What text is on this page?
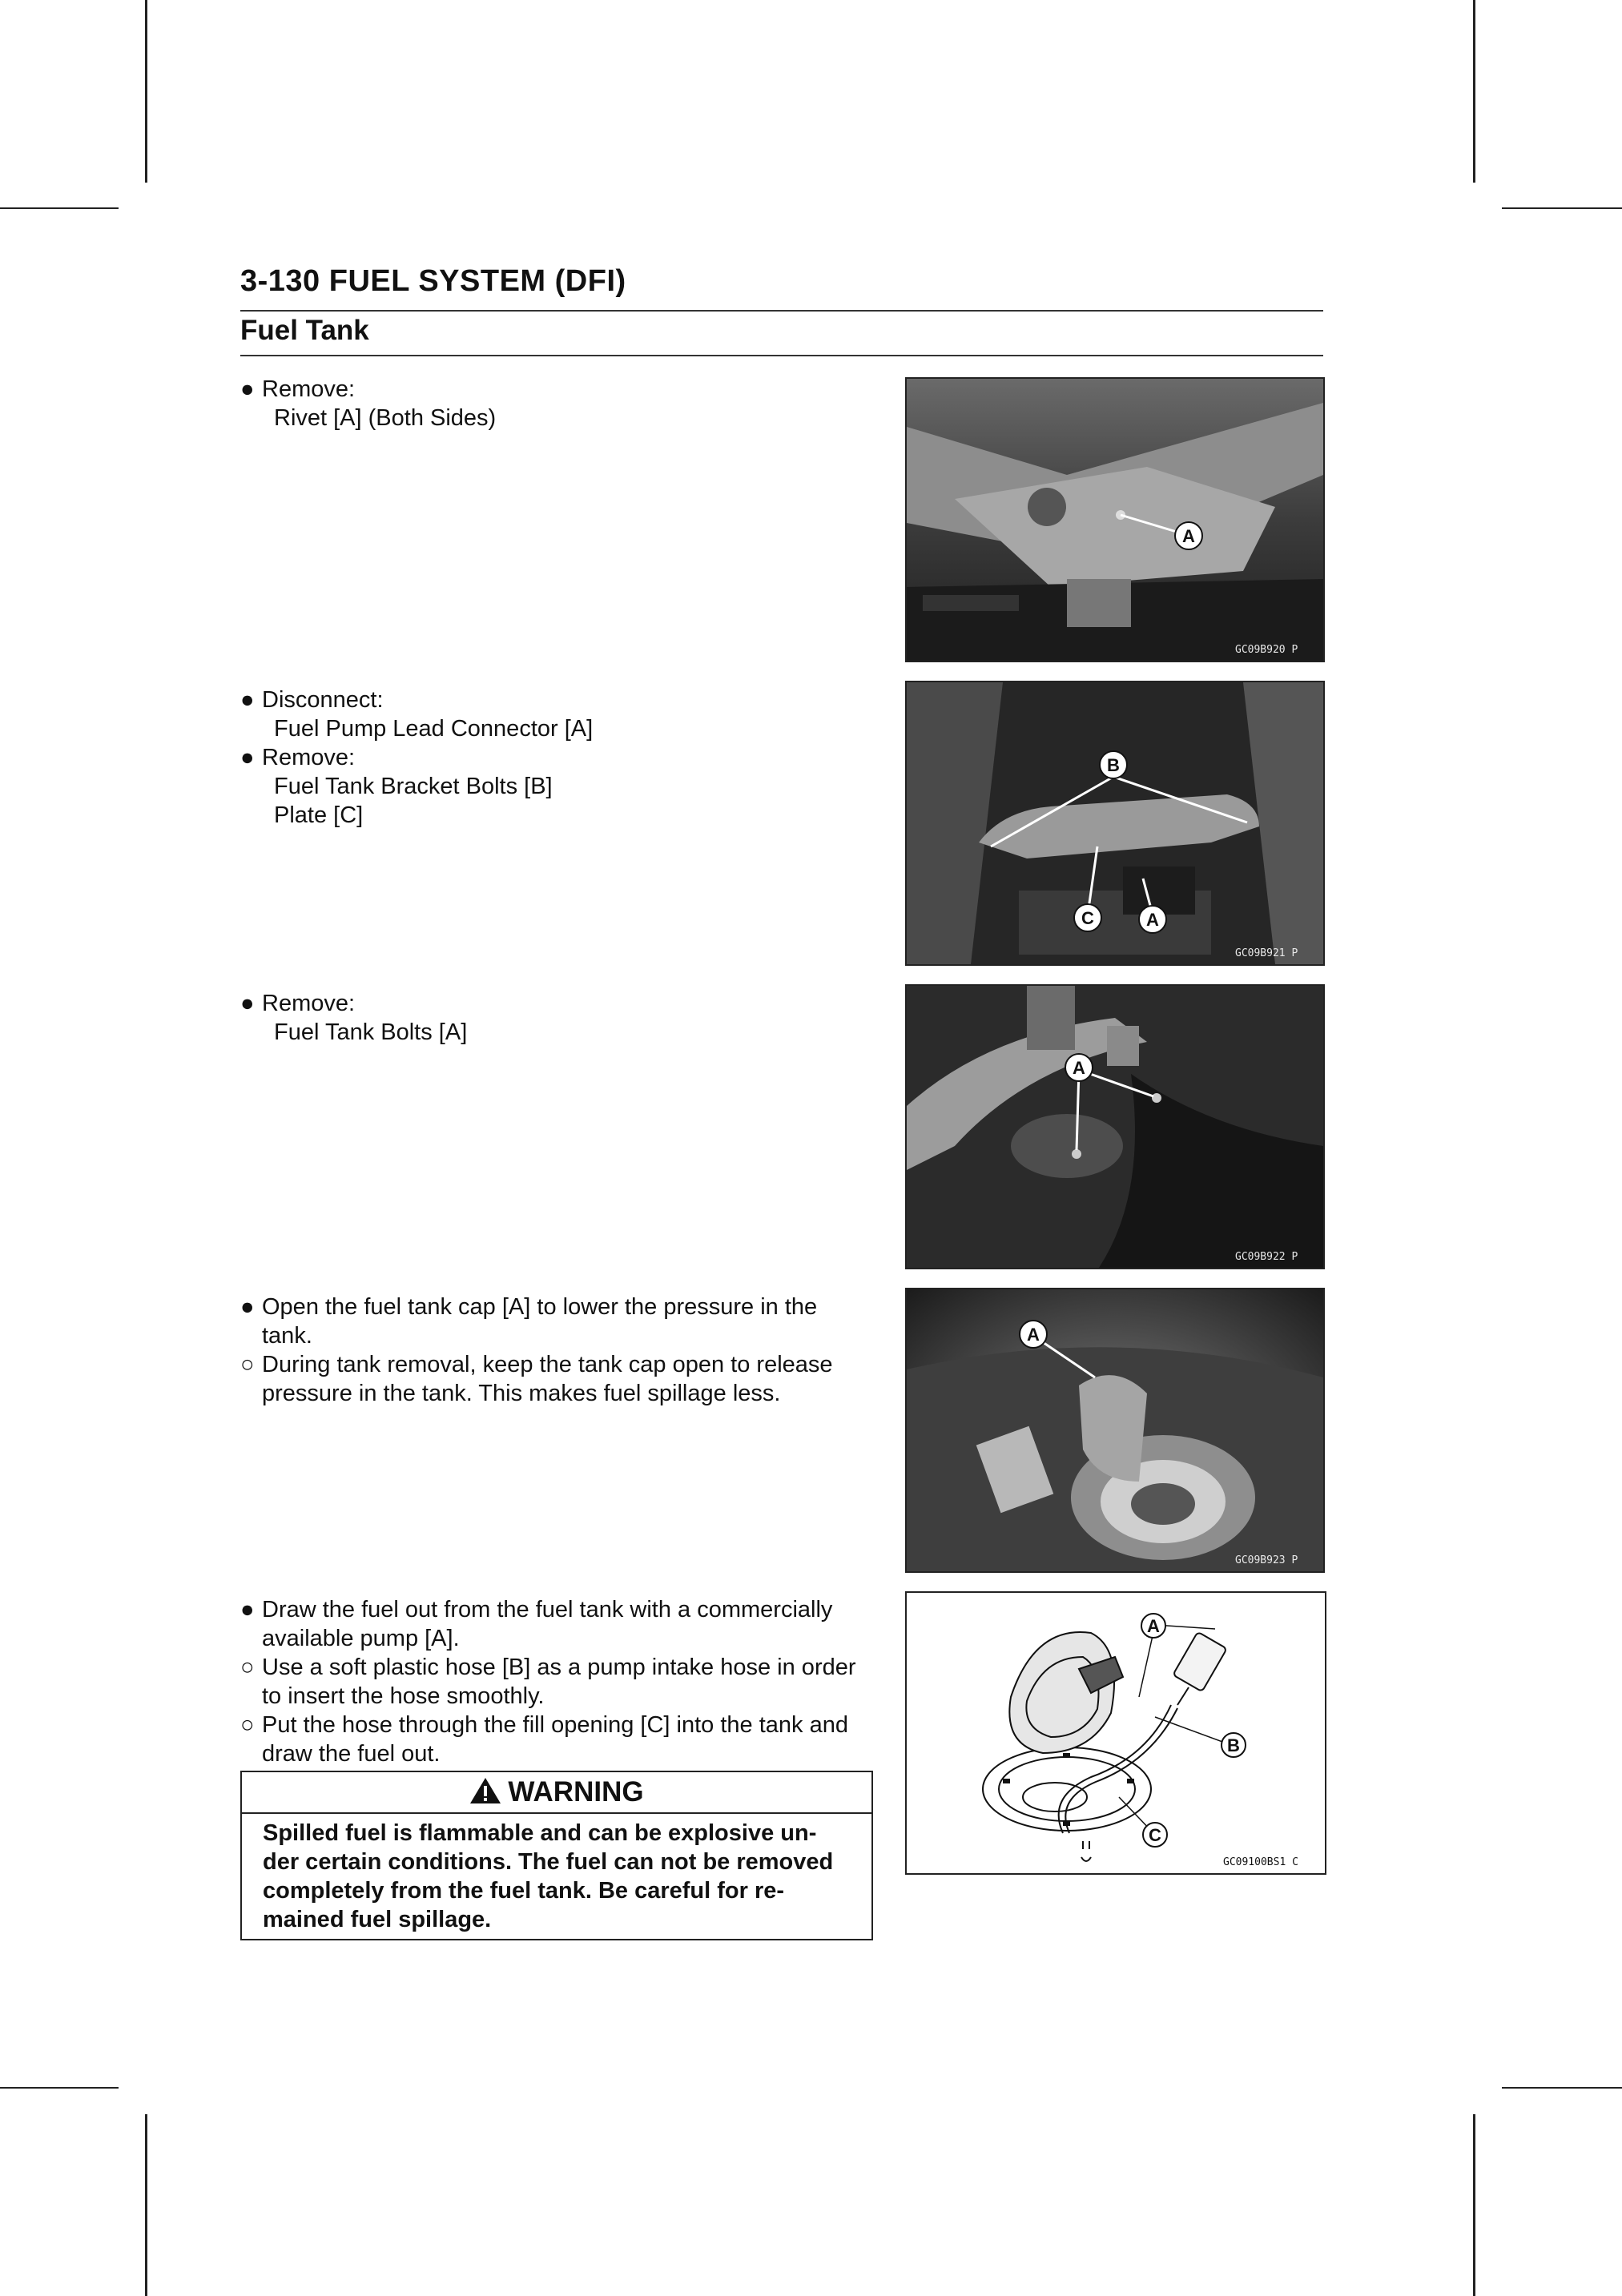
3-130 FUEL SYSTEM (DFI)
Fuel Tank
● Remove:
Rivet [A] (Both Sides)
A
GC09B920 P
● Disconnect:
Fuel Pump Lead Connector [A]
● Remove:
Fuel Tank Bracket Bolts [B]
Plate [C]
B
C	A
GC09B921 P
● Remove:
Fuel Tank Bolts [A]
A
GC09B922 P
● Open the fuel tank cap [A] to lower the pressure in the
tank.
○ During tank removal, keep the tank cap open to release
pressure in the tank. This makes fuel spillage less.
A
GC09B923 P
● Draw the fuel out from the fuel tank with a commercially
available pump [A].
○ Use a soft plastic hose [B] as a pump intake hose in order
to insert the hose smoothly.
○ Put the hose through the fill opening [C] into the tank and
draw the fuel out.
A
B
C
GC09100BS1 C
WARNING
Spilled fuel is flammable and can be explosive un-
der certain conditions. The fuel can not be removed
completely from the fuel tank. Be careful for re-
mained fuel spillage.
